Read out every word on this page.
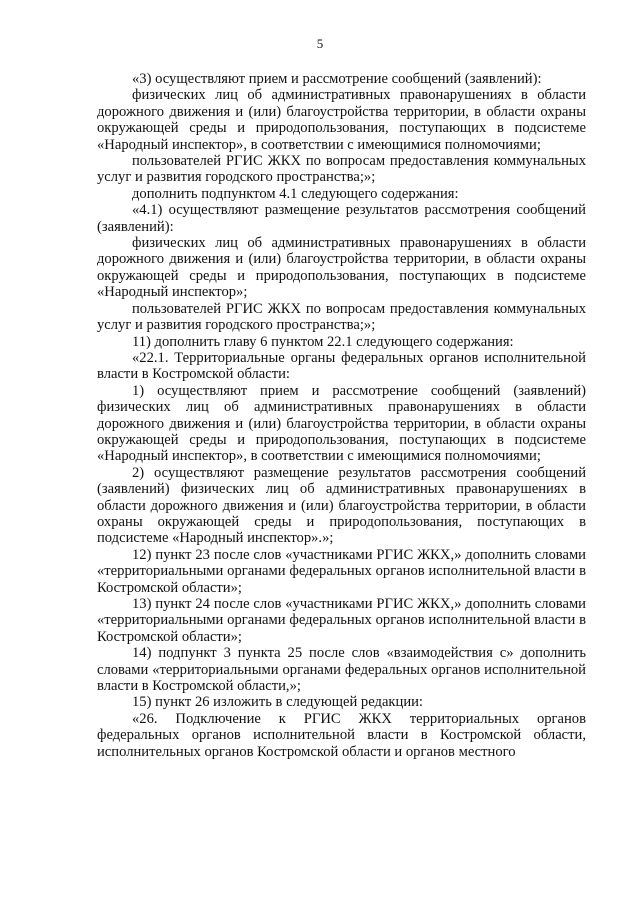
5

«3) осуществляют прием и рассмотрение сообщений (заявлений):

физических лиц об административных правонарушениях в области дорожного движения и (или) благоустройства территории, в области охраны окружающей среды и природопользования, поступающих в подсистеме «Народный инспектор», в соответствии с имеющимися полномочиями;

пользователей РГИС ЖКХ по вопросам предоставления коммунальных услуг и развития городского пространства;»;

дополнить подпунктом 4.1 следующего содержания:

«4.1) осуществляют размещение результатов рассмотрения сообщений (заявлений):

физических лиц об административных правонарушениях в области дорожного движения и (или) благоустройства территории, в области охраны окружающей среды и природопользования, поступающих в подсистеме «Народный инспектор»;

пользователей РГИС ЖКХ по вопросам предоставления коммунальных услуг и развития городского пространства;»;

11) дополнить главу 6 пунктом 22.1 следующего содержания:

«22.1. Территориальные органы федеральных органов исполнительной власти в Костромской области:

1) осуществляют прием и рассмотрение сообщений (заявлений) физических лиц об административных правонарушениях в области дорожного движения и (или) благоустройства территории, в области охраны окружающей среды и природопользования, поступающих в подсистеме «Народный инспектор», в соответствии с имеющимися полномочиями;

2) осуществляют размещение результатов рассмотрения сообщений (заявлений) физических лиц об административных правонарушениях в области дорожного движения и (или) благоустройства территории, в области охраны окружающей среды и природопользования, поступающих в подсистеме «Народный инспектор».»;

12) пункт 23 после слов «участниками РГИС ЖКХ,» дополнить словами «территориальными органами федеральных органов исполнительной власти в Костромской области»;

13) пункт 24 после слов «участниками РГИС ЖКХ,» дополнить словами «территориальными органами федеральных органов исполнительной власти в Костромской области»;

14) подпункт 3 пункта 25 после слов «взаимодействия с» дополнить словами «территориальными органами федеральных органов исполнительной власти в Костромской области,»;

15) пункт 26 изложить в следующей редакции:

«26. Подключение к РГИС ЖКХ территориальных органов федеральных органов исполнительной власти в Костромской области, исполнительных органов Костромской области и органов местного
